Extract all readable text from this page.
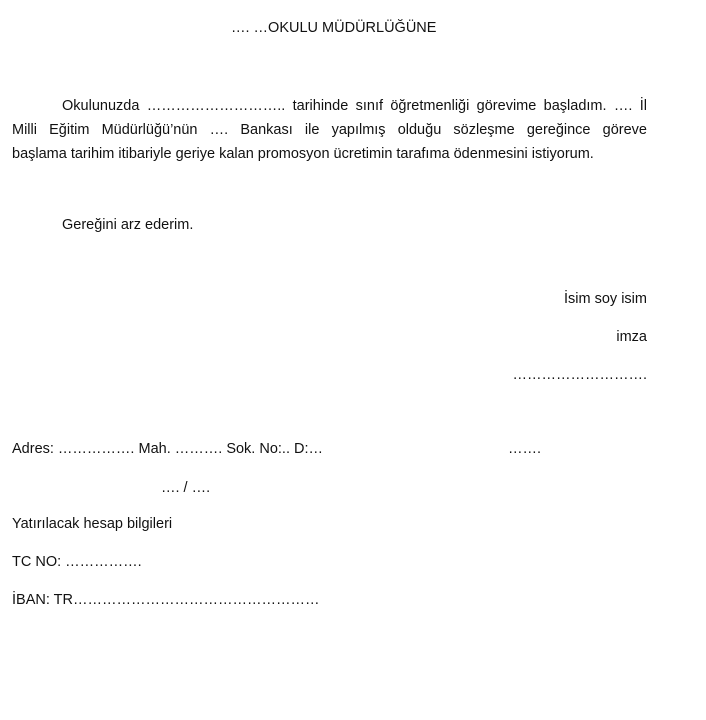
…. …OKULU MÜDÜRLÜĞÜNE
Okulunuzda ……………………….. tarihinde sınıf öğretmenliği görevime başladım. …. İl
Milli Eğitim Müdürlüğü’nün …. Bankası ile yapılmış olduğu sözleşme gereğince göreve
başlama tarihim itibariyle geriye kalan promosyon ücretimin tarafıma ödenmesini istiyorum.
Gereğini arz ederim.
İsim soy isim
imza
……………………….
Adres: ……………. Mah. ………. Sok. No:.. D:…	…….
…. / ….
Yatırılacak hesap bilgileri
TC NO: …………….
İBAN: TR……………………………………………
